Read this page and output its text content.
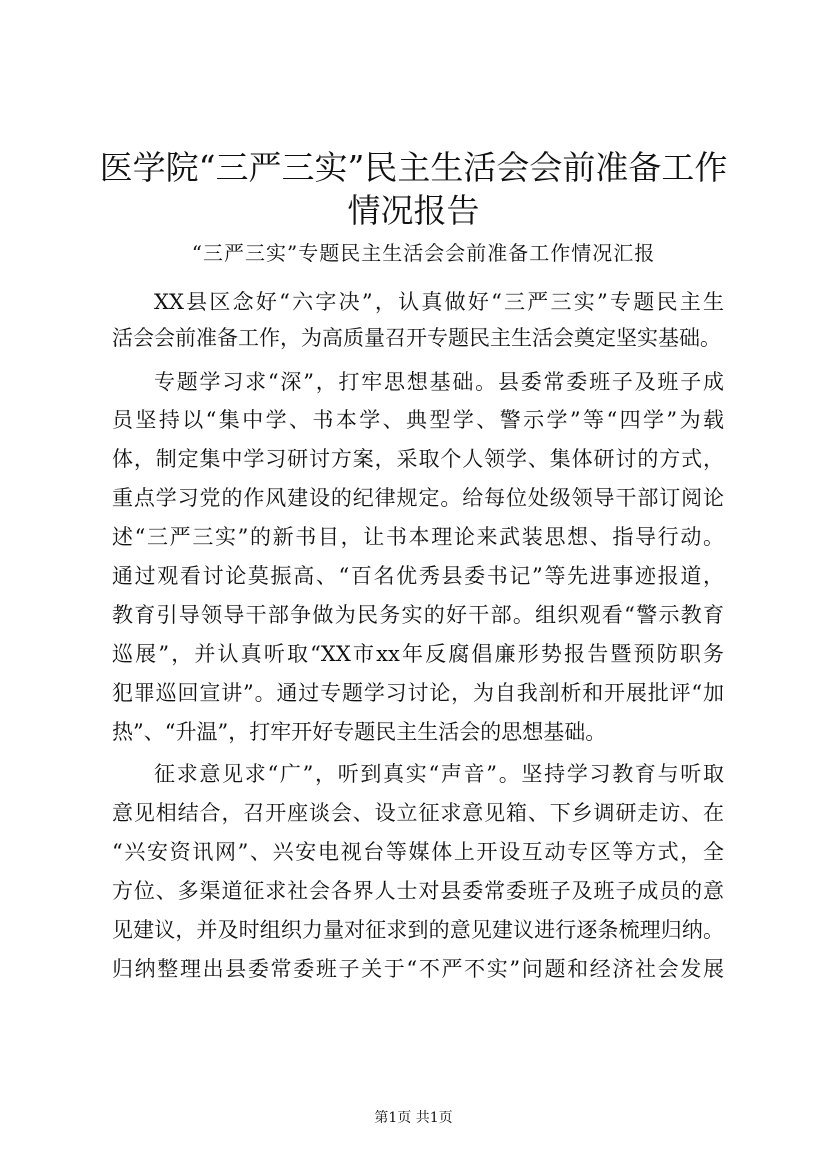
医学院“三严三实”民主生活会会前准备工作
情况报告
“三严三实”专题民主生活会会前准备工作情况汇报
XX县区念好“六字决”，认真做好“三严三实”专题民主生
活会会前准备工作，为高质量召开专题民主生活会奠定坚实基础。
专题学习求“深”，打牢思想基础。县委常委班子及班子成
员坚持以“集中学、书本学、典型学、警示学”等“四学”为载
体，制定集中学习研讨方案，采取个人领学、集体研讨的方式，
重点学习党的作风建设的纪律规定。给每位处级领导干部订阅论
述“三严三实”的新书目，让书本理论来武装思想、指导行动。
通过观看讨论莫振高、“百名优秀县委书记”等先进事迹报道，
教育引导领导干部争做为民务实的好干部。组织观看“警示教育
巡展”，并认真听取“XX市xx年反腐倡廉形势报告暨预防职务
犯罪巡回宣讲”。通过专题学习讨论，为自我剖析和开展批评“加
热”、“升温”，打牢开好专题民主生活会的思想基础。
征求意见求“广”，听到真实“声音”。坚持学习教育与听取
意见相结合，召开座谈会、设立征求意见箱、下乡调研走访、在
“兴安资讯网”、兴安电视台等媒体上开设互动专区等方式，全
方位、多渠道征求社会各界人士对县委常委班子及班子成员的意
见建议，并及时组织力量对征求到的意见建议进行逐条梳理归纳。
归纳整理出县委常委班子关于“不严不实”问题和经济社会发展
第1页 共1页
